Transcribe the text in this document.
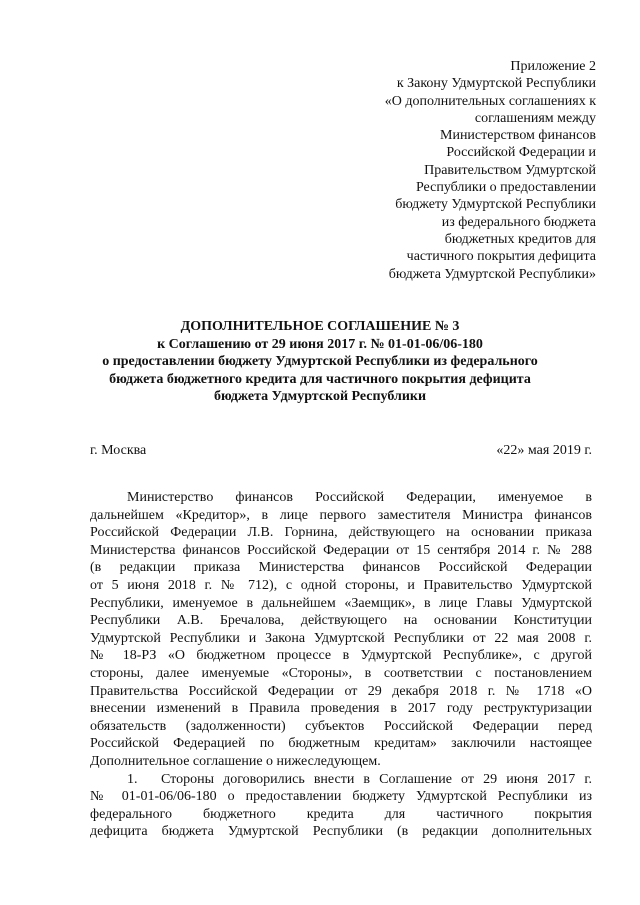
Приложение 2
к Закону Удмуртской Республики
«О дополнительных соглашениях к
соглашениям между
Министерством финансов
Российской Федерации и
Правительством Удмуртской
Республики о предоставлении
бюджету Удмуртской Республики
из федерального бюджета
бюджетных кредитов для
частичного покрытия дефицита
бюджета Удмуртской Республики»
ДОПОЛНИТЕЛЬНОЕ СОГЛАШЕНИЕ № 3
к Соглашению от 29 июня 2017 г. № 01-01-06/06-180
о предоставлении бюджету Удмуртской Республики из федерального
бюджета бюджетного кредита для частичного покрытия дефицита
бюджета Удмуртской Республики
г. Москва	«22» мая 2019 г.
Министерство финансов Российской Федерации, именуемое в
дальнейшем «Кредитор», в лице первого заместителя Министра финансов
Российской Федерации Л.В. Горнина, действующего на основании приказа
Министерства финансов Российской Федерации от 15 сентября 2014 г. № 288
(в редакции приказа Министерства финансов Российской Федерации
от 5 июня 2018 г. № 712), с одной стороны, и Правительство Удмуртской
Республики, именуемое в дальнейшем «Заемщик», в лице Главы Удмуртской
Республики А.В. Бречалова, действующего на основании Конституции
Удмуртской Республики и Закона Удмуртской Республики от 22 мая 2008 г.
№ 18-РЗ «О бюджетном процессе в Удмуртской Республике», с другой
стороны, далее именуемые «Стороны», в соответствии с постановлением
Правительства Российской Федерации от 29 декабря 2018 г. № 1718 «О
внесении изменений в Правила проведения в 2017 году реструктуризации
обязательств (задолженности) субъектов Российской Федерации перед
Российской Федерацией по бюджетным кредитам» заключили настоящее
Дополнительное соглашение о нижеследующем.
1. Стороны договорились внести в Соглашение от 29 июня 2017 г.
№ 01-01-06/06-180 о предоставлении бюджету Удмуртской Республики из
федерального бюджетного кредита для частичного покрытия
дефицита бюджета Удмуртской Республики (в редакции дополнительных
